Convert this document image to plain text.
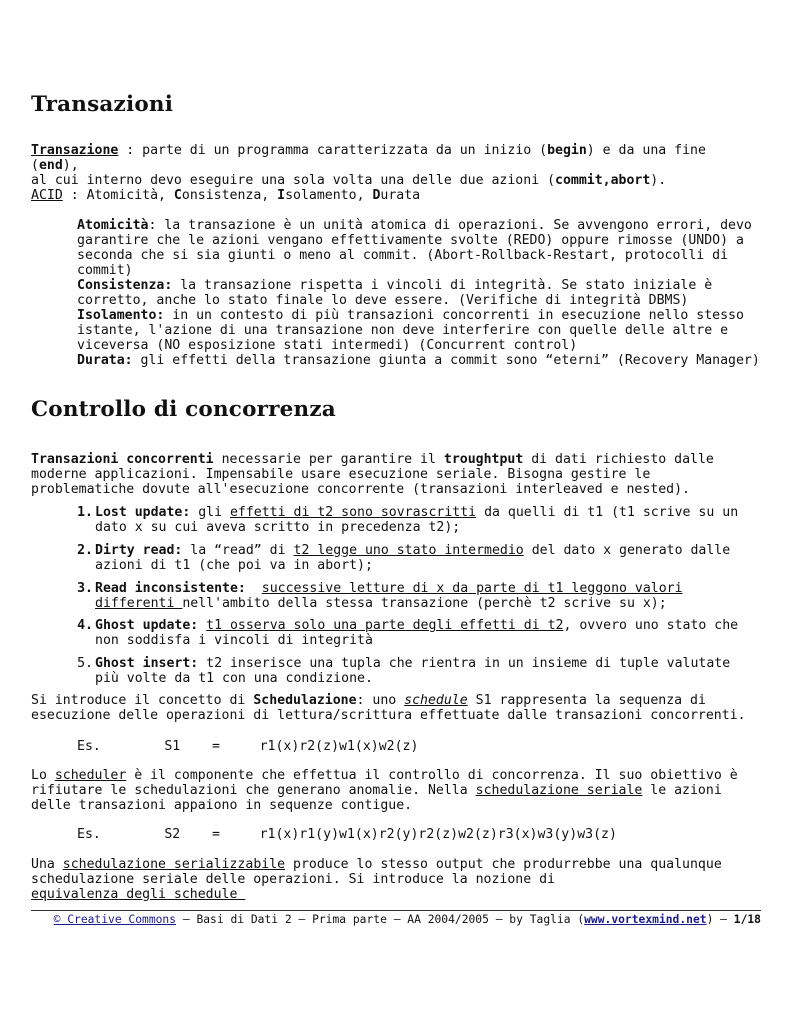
Transazioni

Transazione : parte di un programma caratterizzata da un inizio (begin) e da una fine (end),
al cui interno devo eseguire una sola volta una delle due azioni (commit,abort).

ACID : Atomicità, Consistenza, Isolamento, Durata

Atomicità: la transazione è un unità atomica di operazioni. Se avvengono errori, devo garantire che le azioni vengano effettivamente svolte (REDO) oppure rimosse (UNDO) a seconda che si sia giunti o meno al commit. (Abort-Rollback-Restart, protocolli di commit)
Consistenza: la transazione rispetta i vincoli di integrità. Se stato iniziale è corretto, anche lo stato finale lo deve essere. (Verifiche di integrità DBMS)
Isolamento: in un contesto di più transazioni concorrenti in esecuzione nello stesso istante, l'azione di una transazione non deve interferire con quelle delle altre e viceversa (NO esposizione stati intermedi) (Concurrent control)
Durata: gli effetti della transazione giunta a commit sono “eterni” (Recovery Manager)

Controllo di concorrenza

Transazioni concorrenti necessarie per garantire il troughtput di dati richiesto dalle moderne applicazioni. Impensabile usare esecuzione seriale. Bisogna gestire le problematiche dovute all'esecuzione concorrente (transazioni interleaved e nested).

1. Lost update: gli effetti di t2 sono sovrascritti da quelli di t1 (t1 scrive su un dato x su cui aveva scritto in precedenza t2);
2. Dirty read: la “read” di t2 legge uno stato intermedio del dato x generato dalle azioni di t1 (che poi va in abort);
3. Read inconsistente: successive letture di x da parte di t1 leggono valori differenti nell'ambito della stessa transazione (perchè t2 scrive su x);
4. Ghost update: t1 osserva solo una parte degli effetti di t2, ovvero uno stato che non soddisfa i vincoli di integrità
5. Ghost insert: t2 inserisce una tupla che rientra in un insieme di tuple valutate più volte da t1 con una condizione.

Si introduce il concetto di Schedulazione: uno schedule S1 rappresenta la sequenza di esecuzione delle operazioni di lettura/scrittura effettuate dalle transazioni concorrenti.

Es.        S1    =     r1(x)r2(z)w1(x)w2(z)

Lo scheduler è il componente che effettua il controllo di concorrenza. Il suo obiettivo è rifiutare le schedulazioni che generano anomalie. Nella schedulazione seriale le azioni delle transazioni appaiono in sequenze contigue.

Es.        S2    =     r1(x)r1(y)w1(x)r2(y)r2(z)w2(z)r3(x)w3(y)w3(z)

Una schedulazione serializzabile produce lo stesso output che produrrebbe una qualunque schedulazione seriale delle operazioni. Si introduce la nozione di equivalenza degli schedule

© Creative Commons – Basi di Dati 2 – Prima parte – AA 2004/2005 – by Taglia (www.vortexmind.net) – 1/18
